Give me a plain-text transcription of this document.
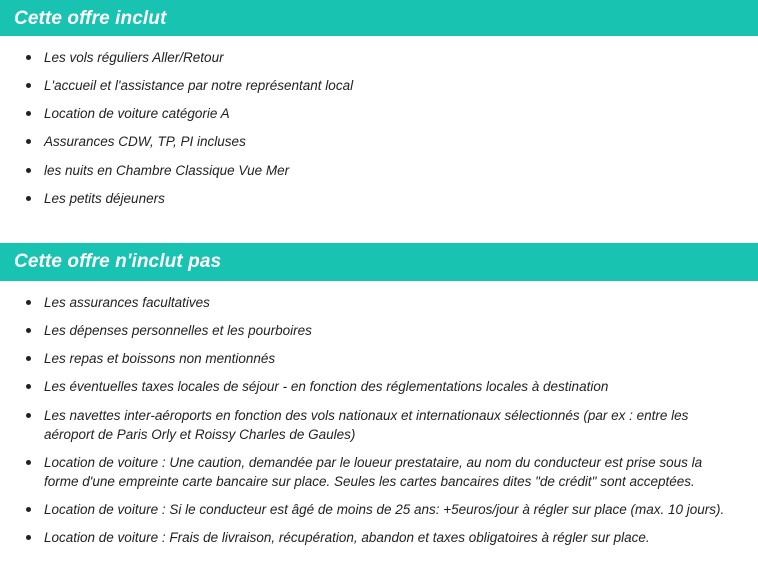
Cette offre inclut
Les vols réguliers Aller/Retour
L'accueil et l'assistance par notre représentant local
Location de voiture catégorie A
Assurances CDW, TP, PI incluses
les nuits en Chambre Classique Vue Mer
Les petits déjeuners
Cette offre n'inclut pas
Les assurances facultatives
Les dépenses personnelles et les pourboires
Les repas et boissons non mentionnés
Les éventuelles taxes locales de séjour - en fonction des réglementations locales à destination
Les navettes inter-aéroports en fonction des vols nationaux et internationaux sélectionnés (par ex : entre les aéroport de Paris Orly et Roissy Charles de Gaules)
Location de voiture : Une caution, demandée par le loueur prestataire, au nom du conducteur est prise sous la forme d'une empreinte carte bancaire sur place. Seules les cartes bancaires dites "de crédit" sont acceptées.
Location de voiture : Si le conducteur est âgé de moins de 25 ans: +5euros/jour à régler sur place (max. 10 jours).
Location de voiture : Frais de livraison, récupération, abandon et taxes obligatoires à régler sur place.
